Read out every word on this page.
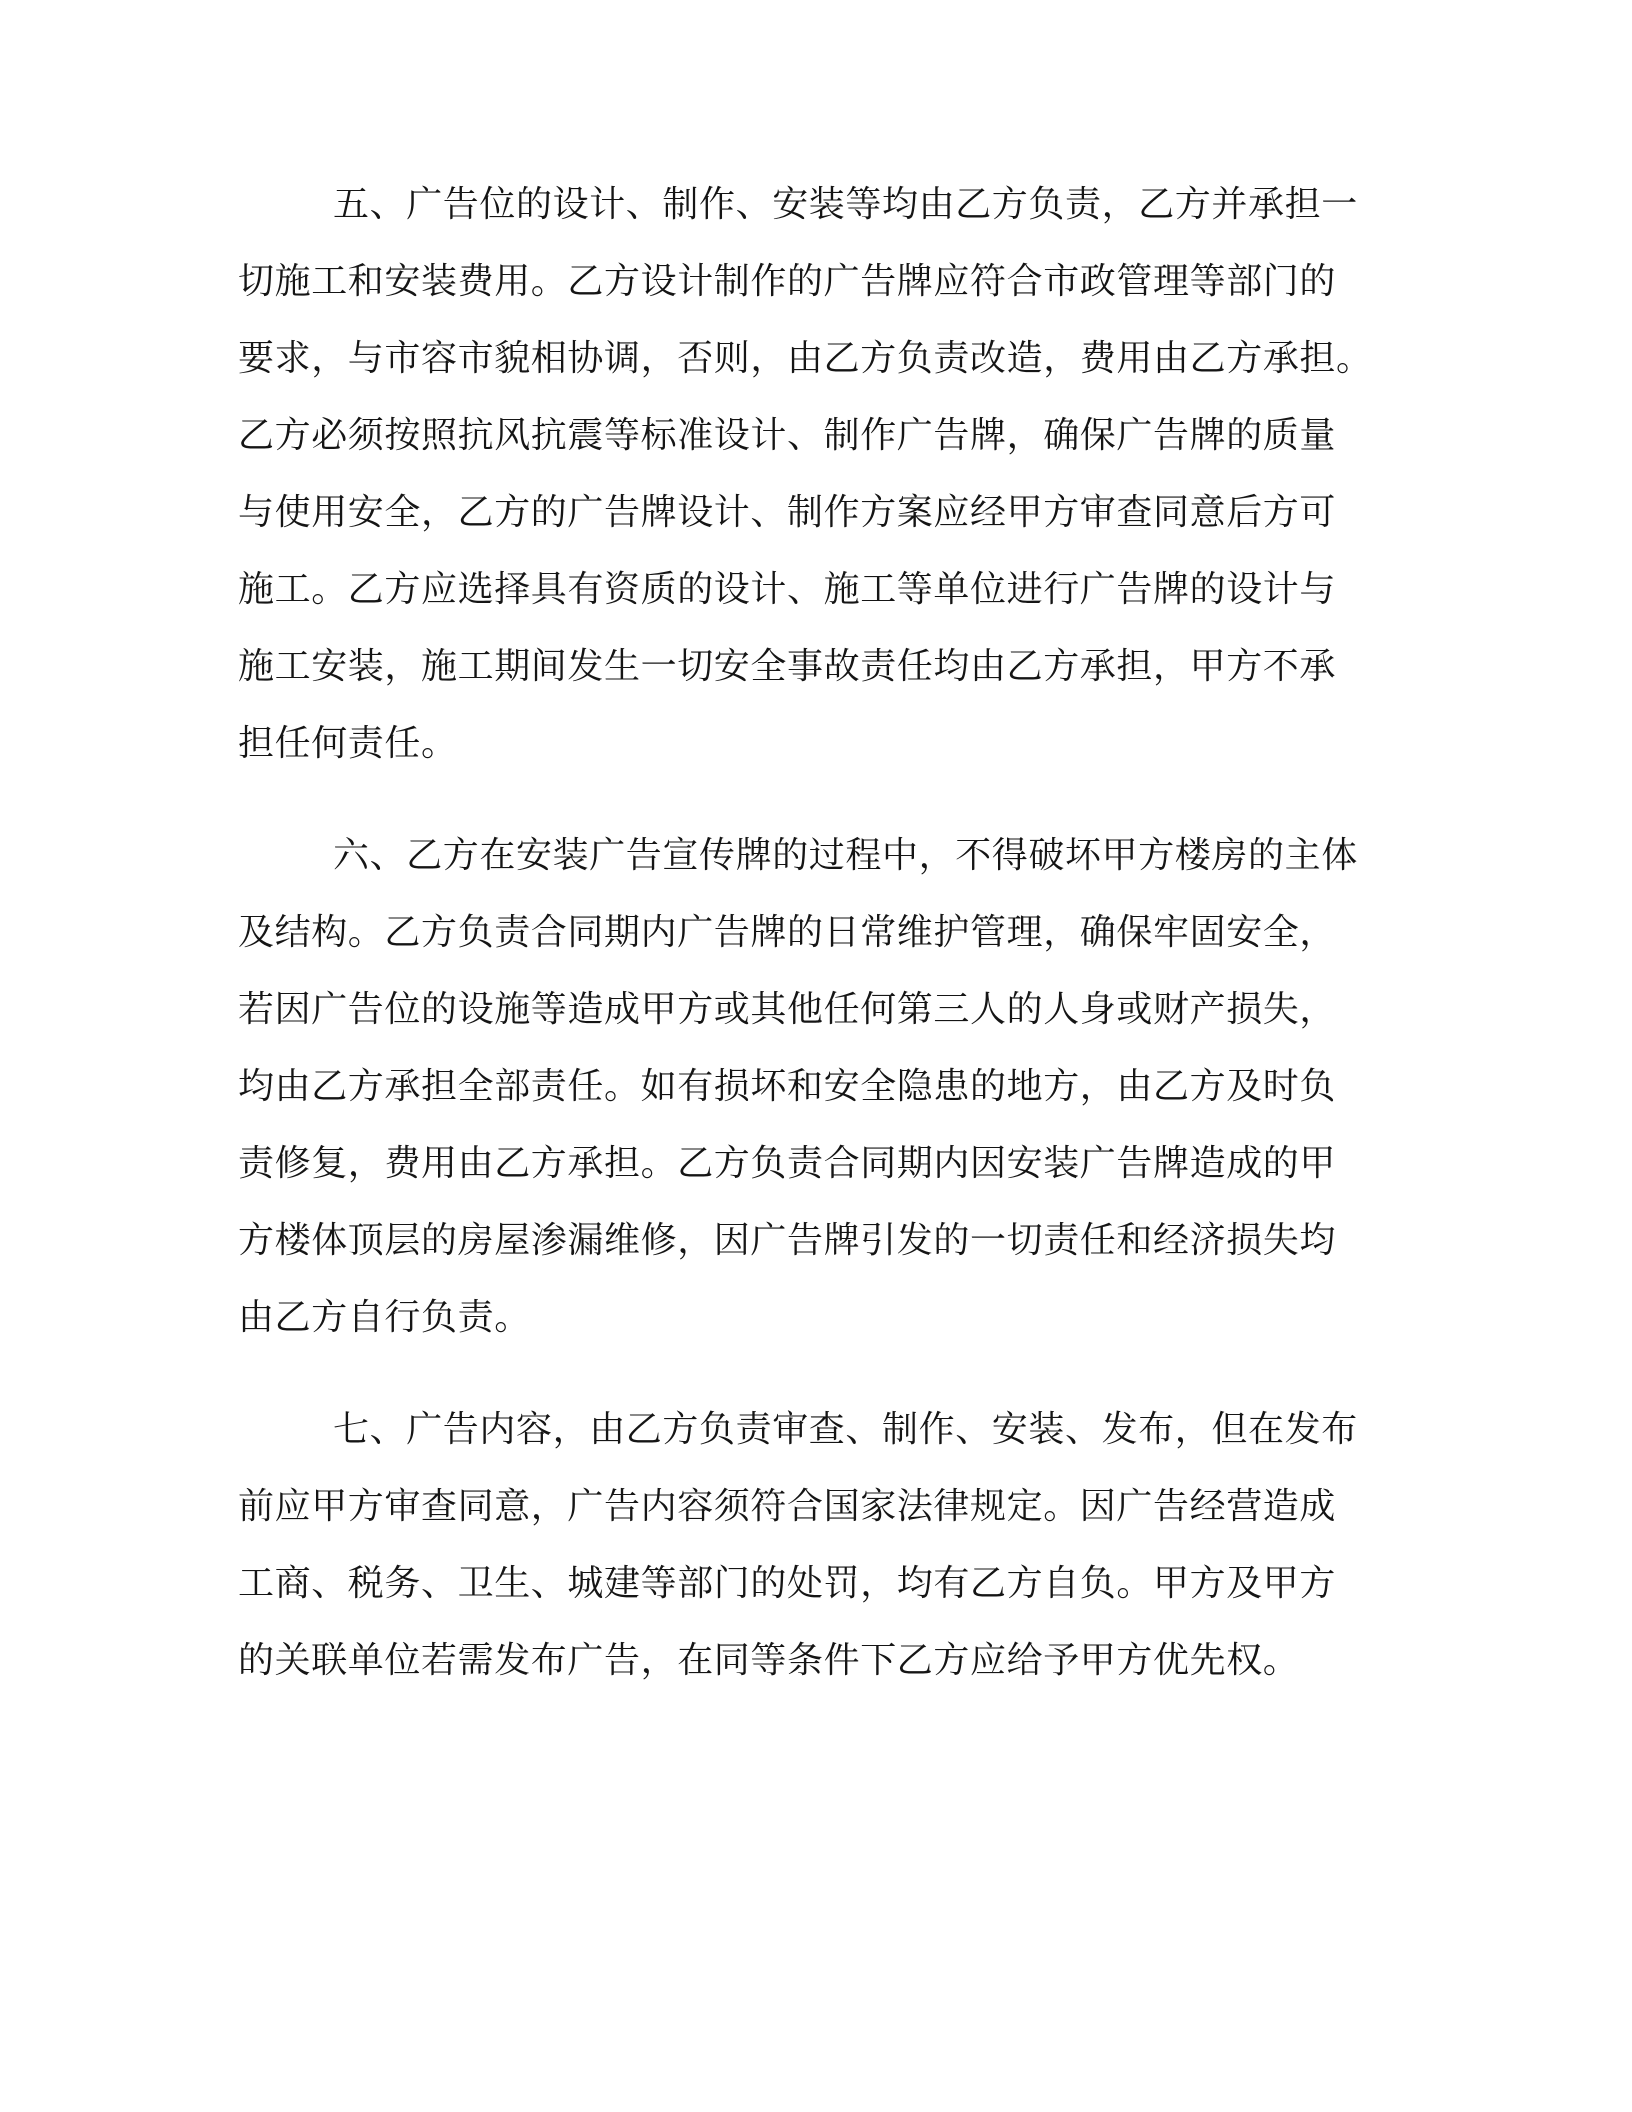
五、广告位的设计、制作、安装等均由乙方负责，乙方并承担一
切施工和安装费用。乙方设计制作的广告牌应符合市政管理等部门的
要求，与市容市貌相协调，否则，由乙方负责改造，费用由乙方承担。
乙方必须按照抗风抗震等标准设计、制作广告牌，确保广告牌的质量
与使用安全，乙方的广告牌设计、制作方案应经甲方审查同意后方可
施工。乙方应选择具有资质的设计、施工等单位进行广告牌的设计与
施工安装，施工期间发生一切安全事故责任均由乙方承担，甲方不承
担任何责任。
六、乙方在安装广告宣传牌的过程中，不得破坏甲方楼房的主体
及结构。乙方负责合同期内广告牌的日常维护管理，确保牢固安全，
若因广告位的设施等造成甲方或其他任何第三人的人身或财产损失，
均由乙方承担全部责任。如有损坏和安全隐患的地方，由乙方及时负
责修复，费用由乙方承担。乙方负责合同期内因安装广告牌造成的甲
方楼体顶层的房屋渗漏维修，因广告牌引发的一切责任和经济损失均
由乙方自行负责。
七、广告内容，由乙方负责审查、制作、安装、发布，但在发布
前应甲方审查同意，广告内容须符合国家法律规定。因广告经营造成
工商、税务、卫生、城建等部门的处罚，均有乙方自负。甲方及甲方
的关联单位若需发布广告，在同等条件下乙方应给予甲方优先权。
